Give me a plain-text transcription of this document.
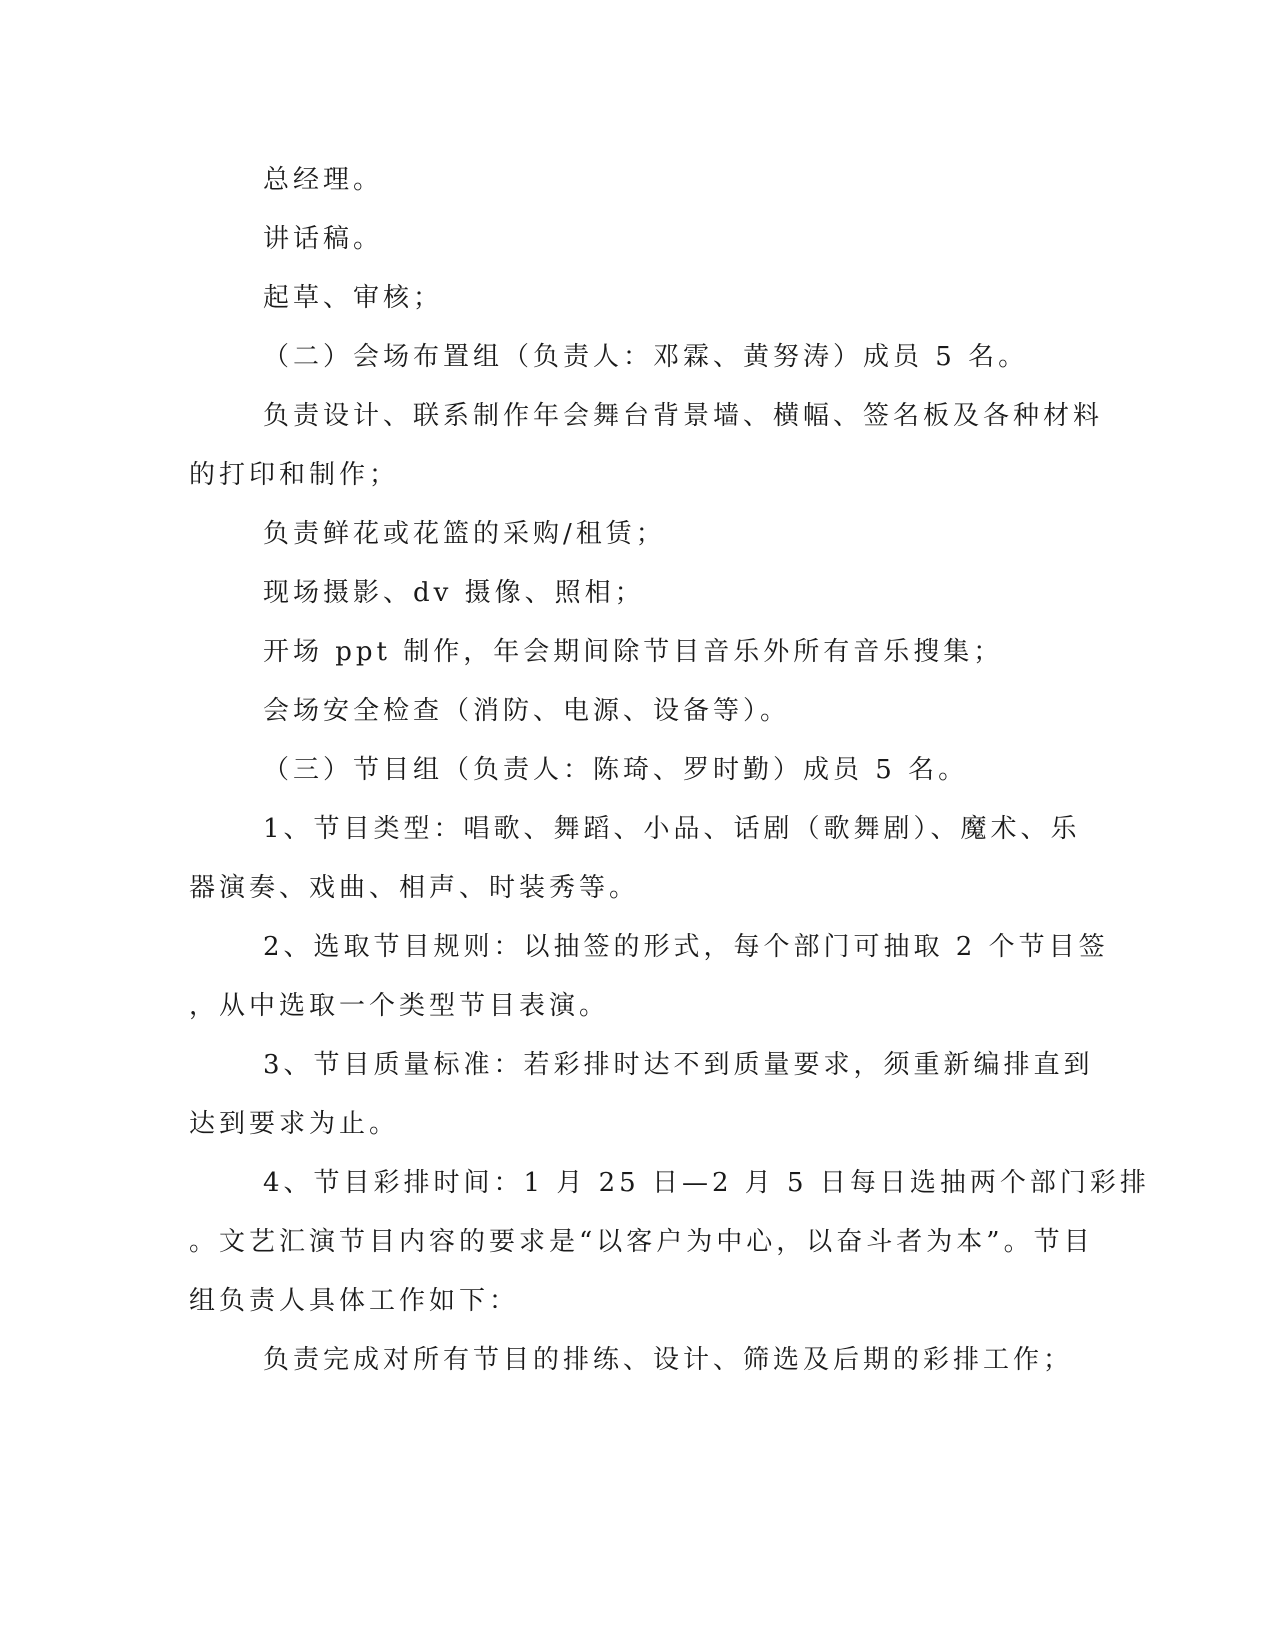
总经理。
讲话稿。
起草、审核；
（二）会场布置组（负责人：邓霖、黄努涛）成员 5 名。
负责设计、联系制作年会舞台背景墙、横幅、签名板及各种材料
的打印和制作；
负责鲜花或花篮的采购/租赁；
现场摄影、dv 摄像、照相；
开场 ppt 制作，年会期间除节目音乐外所有音乐搜集；
会场安全检查（消防、电源、设备等）。
（三）节目组（负责人：陈琦、罗时勤）成员 5 名。
1、节目类型：唱歌、舞蹈、小品、话剧（歌舞剧）、魔术、乐
器演奏、戏曲、相声、时装秀等。
2、选取节目规则：以抽签的形式，每个部门可抽取 2 个节目签
，从中选取一个类型节目表演。
3、节目质量标准：若彩排时达不到质量要求，须重新编排直到
达到要求为止。
4、节目彩排时间：1 月 25 日—2 月 5 日每日选抽两个部门彩排
。文艺汇演节目内容的要求是“以客户为中心，以奋斗者为本”。节目
组负责人具体工作如下：
负责完成对所有节目的排练、设计、筛选及后期的彩排工作；
